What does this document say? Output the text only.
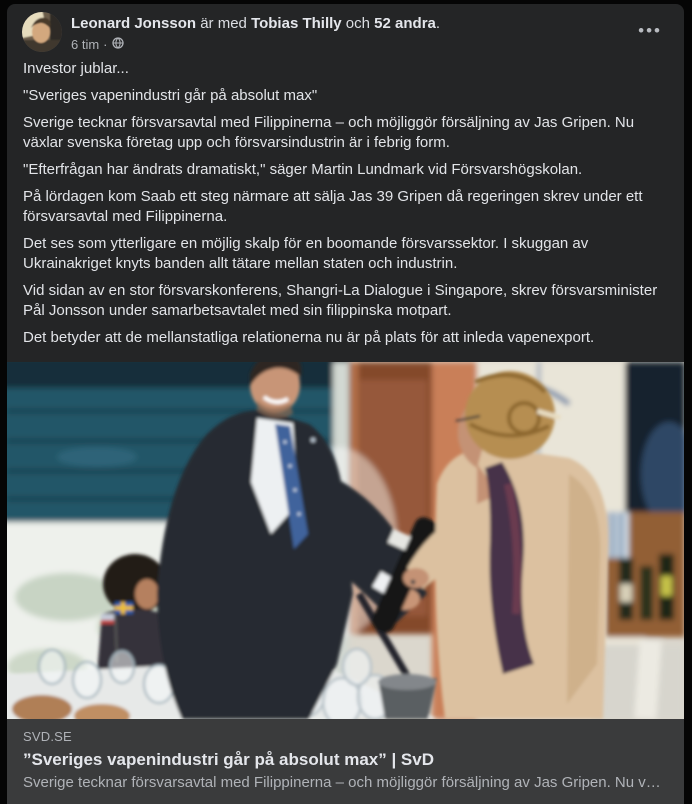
Leonard Jonsson är med Tobias Thilly och 52 andra.
6 tim ·
•••

Investor jublar...

"Sveriges vapenindustri går på absolut max"

Sverige tecknar försvarsavtal med Filippinerna – och möjliggör försäljning av Jas Gripen. Nu växlar svenska företag upp och försvarsindustrin är i febrig form.

"Efterfrågan har ändrats dramatiskt," säger Martin Lundmark vid Försvarshögskolan.

På lördagen kom Saab ett steg närmare att sälja Jas 39 Gripen då regeringen skrev under ett försvarsavtal med Filippinerna.

Det ses som ytterligare en möjlig skalp för en boomande försvarssektor. I skuggan av Ukrainakriget knyts banden allt tätare mellan staten och industrin.

Vid sidan av en stor försvarskonferens, Shangri-La Dialogue i Singapore, skrev försvarsminister Pål Jonsson under samarbetsavtalet med sin filippinska motpart.

Det betyder att de mellanstatliga relationerna nu är på plats för att inleda vapenexport.

SVD.SE
”Sveriges vapenindustri går på absolut max” | SvD
Sverige tecknar försvarsavtal med Filippinerna – och möjliggör försäljning av Jas Gripen. Nu v…
